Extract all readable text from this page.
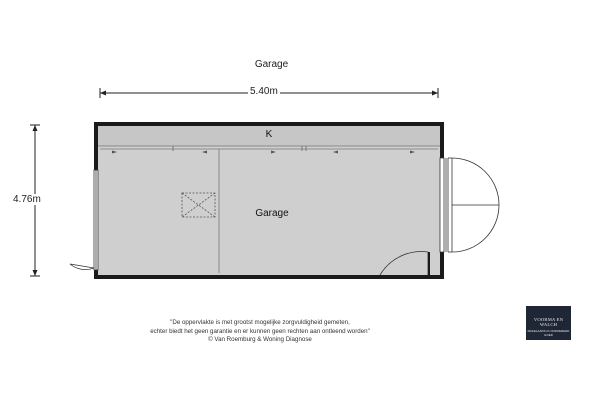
Garage
K
Garage
5.40m
4.76m
"De oppervlakte is met grootst mogelijke zorgvuldigheid gemeten,
echter biedt het geen garantie en er kunnen geen rechten aan ontleend worden"
© Van Roemburg & Woning Diagnose
VOORMA EN WALCH
MAKELAARS IN ONROEREND GOED
